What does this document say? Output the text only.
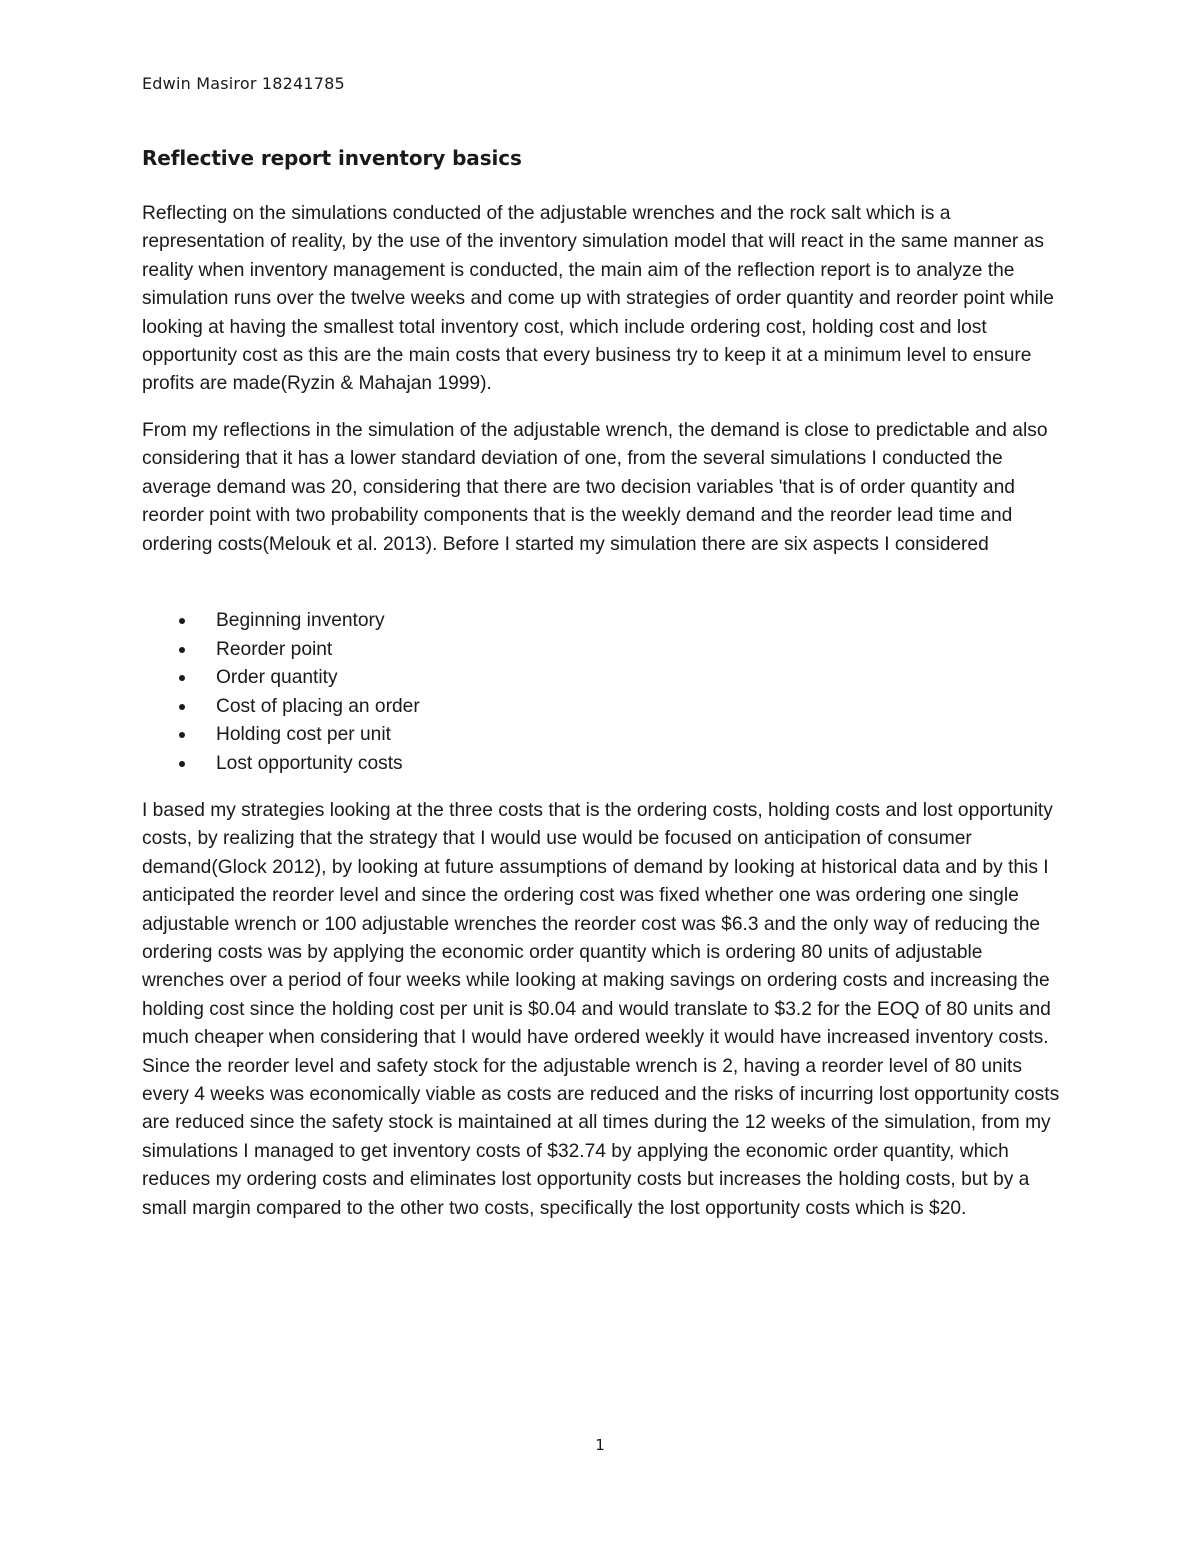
Edwin Masiror 18241785
Reflective report inventory basics

Reflecting on the simulations conducted of the adjustable wrenches and the rock salt which is a representation of reality, by the use of the inventory simulation model that will react in the same manner as reality when inventory management is conducted, the main aim of the reflection report is to analyze the simulation runs over the twelve weeks and come up with strategies of order quantity and reorder point while looking at having the smallest total inventory cost, which include ordering cost, holding cost and lost opportunity cost as this are the main costs that every business try to keep it at a minimum level to ensure profits are made(Ryzin & Mahajan 1999).

From my reflections in the simulation of the adjustable wrench, the demand is close to predictable and also considering that it has a lower standard deviation of one, from the several simulations I conducted the average demand was 20, considering that there are two decision variables 'that is of order quantity and reorder point with two probability components that is the weekly demand and the reorder lead time and ordering costs(Melouk et al. 2013). Before I started my simulation there are six aspects I considered

Beginning inventory
Reorder point
Order quantity
Cost of placing an order
Holding cost per unit
Lost opportunity costs

I based my strategies looking at the three costs that is the ordering costs, holding costs and lost opportunity costs, by realizing that the strategy that I would use would be focused on anticipation of consumer demand(Glock 2012), by looking at future assumptions of demand by looking at historical data and by this I anticipated the reorder level and since the ordering cost was fixed whether one was ordering one single adjustable wrench or 100 adjustable wrenches the reorder cost was $6.3 and the only way of reducing the ordering costs was by applying the economic order quantity which is ordering 80 units of adjustable wrenches over a period of four weeks while looking at making savings on ordering costs and increasing the holding cost since the holding cost per unit is $0.04 and would translate to $3.2 for the EOQ of 80 units and much cheaper when considering that I would have ordered weekly it would have increased inventory costs. Since the reorder level and safety stock for the adjustable wrench is 2, having a reorder level of 80 units every 4 weeks was economically viable as costs are reduced and the risks of incurring lost opportunity costs are reduced since the safety stock is maintained at all times during the 12 weeks of the simulation, from my simulations I managed to get inventory costs of $32.74 by applying the economic order quantity, which reduces my ordering costs and eliminates lost opportunity costs but increases the holding costs, but by a small margin compared to the other two costs, specifically the lost opportunity costs which is $20.

1
